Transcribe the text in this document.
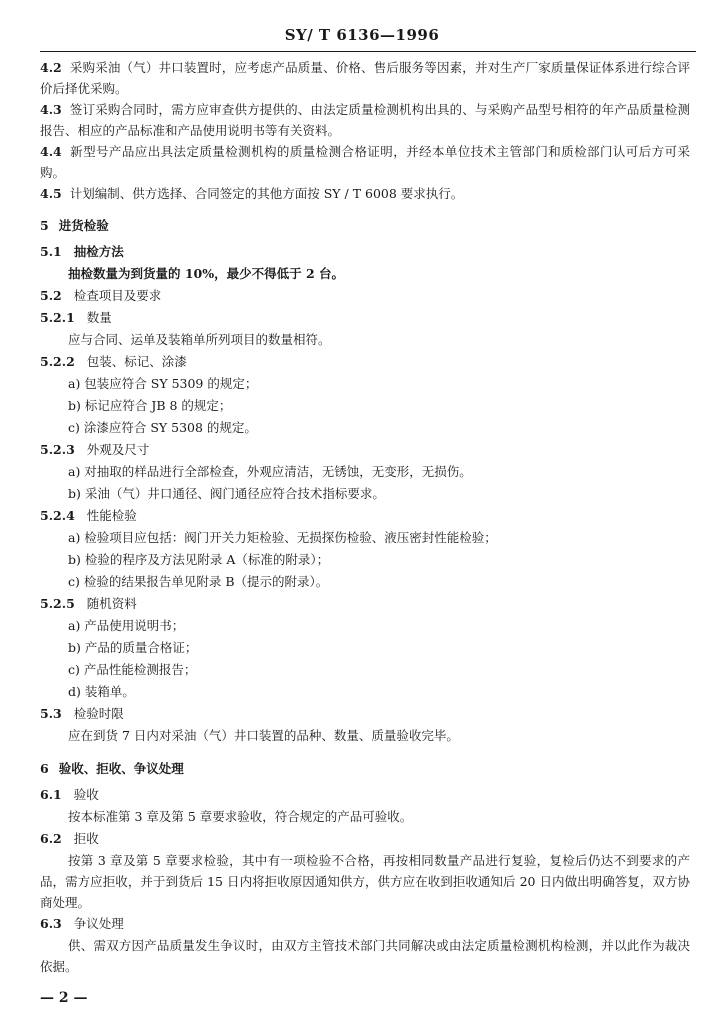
SY/ T 6136—1996

4.2 采购采油（气）井口装置时，应考虑产品质量、价格、售后服务等因素，并对生产厂家质量保证体系进行综合评价后择优采购。

4.3 签订采购合同时，需方应审查供方提供的、由法定质量检测机构出具的、与采购产品型号相符的年产品质量检测报告、相应的产品标准和产品使用说明书等有关资料。

4.4 新型号产品应出具法定质量检测机构的质量检测合格证明，并经本单位技术主管部门和质检部门认可后方可采购。

4.5 计划编制、供方选择、合同签定的其他方面按 SY / T 6008 要求执行。

5 进货检验
5.1 抽检方法
抽检数量为到货量的 10%，最少不得低于 2 台。
5.2 检查项目及要求
5.2.1 数量
应与合同、运单及装箱单所列项目的数量相符。
5.2.2 包装、标记、涂漆
a) 包装应符合 SY 5309 的规定；
b) 标记应符合 JB 8 的规定；
c) 涂漆应符合 SY 5308 的规定。
5.2.3 外观及尺寸
a) 对抽取的样品进行全部检查，外观应清洁，无锈蚀，无变形，无损伤。
b) 采油（气）井口通径、阀门通径应符合技术指标要求。
5.2.4 性能检验
a) 检验项目应包括：阀门开关力矩检验、无损探伤检验、液压密封性能检验；
b) 检验的程序及方法见附录 A（标准的附录）；
c) 检验的结果报告单见附录 B（提示的附录）。
5.2.5 随机资料
a) 产品使用说明书；
b) 产品的质量合格证；
c) 产品性能检测报告；
d) 装箱单。
5.3 检验时限
应在到货 7 日内对采油（气）井口装置的品种、数量、质量验收完毕。
6 验收、拒收、争议处理
6.1 验收
按本标准第 3 章及第 5 章要求验收，符合规定的产品可验收。
6.2 拒收

按第 3 章及第 5 章要求检验，其中有一项检验不合格，再按相同数量产品进行复验，复检后仍达不到要求的产品，需方应拒收，并于到货后 15 日内将拒收原因通知供方，供方应在收到拒收通知后 20 日内做出明确答复，双方协商处理。

6.3 争议处理

供、需双方因产品质量发生争议时，由双方主管技术部门共同解决或由法定质量检测机构检测，并以此作为裁决依据。

— 2 —
